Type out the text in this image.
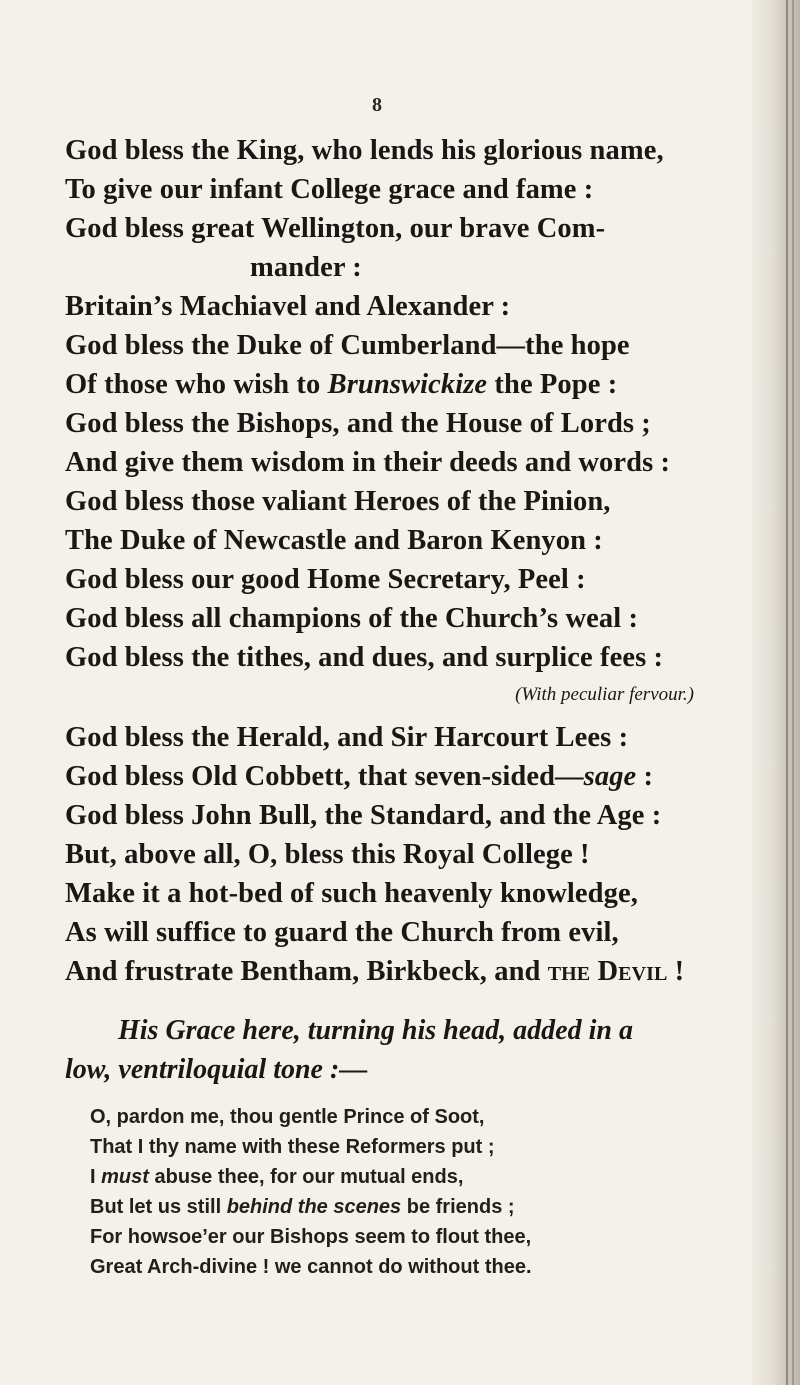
8
God bless the King, who lends his glorious name,
To give our infant College grace and fame :
God bless great Wellington, our brave Com-
mander :
Britain’s Machiavel and Alexander :
God bless the Duke of Cumberland—the hope
Of those who wish to Brunswickize the Pope :
God bless the Bishops, and the House of Lords ;
And give them wisdom in their deeds and words :
God bless those valiant Heroes of the Pinion,
The Duke of Newcastle and Baron Kenyon :
God bless our good Home Secretary, Peel :
God bless all champions of the Church’s weal :
God bless the tithes, and dues, and surplice fees :
(With peculiar fervour.)
God bless the Herald, and Sir Harcourt Lees :
God bless Old Cobbett, that seven-sided—sage :
God bless John Bull, the Standard, and the Age :
But, above all, O, bless this Royal College !
Make it a hot-bed of such heavenly knowledge,
As will suffice to guard the Church from evil,
And frustrate Bentham, Birkbeck, and the Devil !
His Grace here, turning his head, added in a
low, ventriloquial tone :—
O, pardon me, thou gentle Prince of Soot,
That I thy name with these Reformers put ;
I must abuse thee, for our mutual ends,
But let us still behind the scenes be friends ;
For howsoe’er our Bishops seem to flout thee,
Great Arch-divine ! we cannot do without thee.
